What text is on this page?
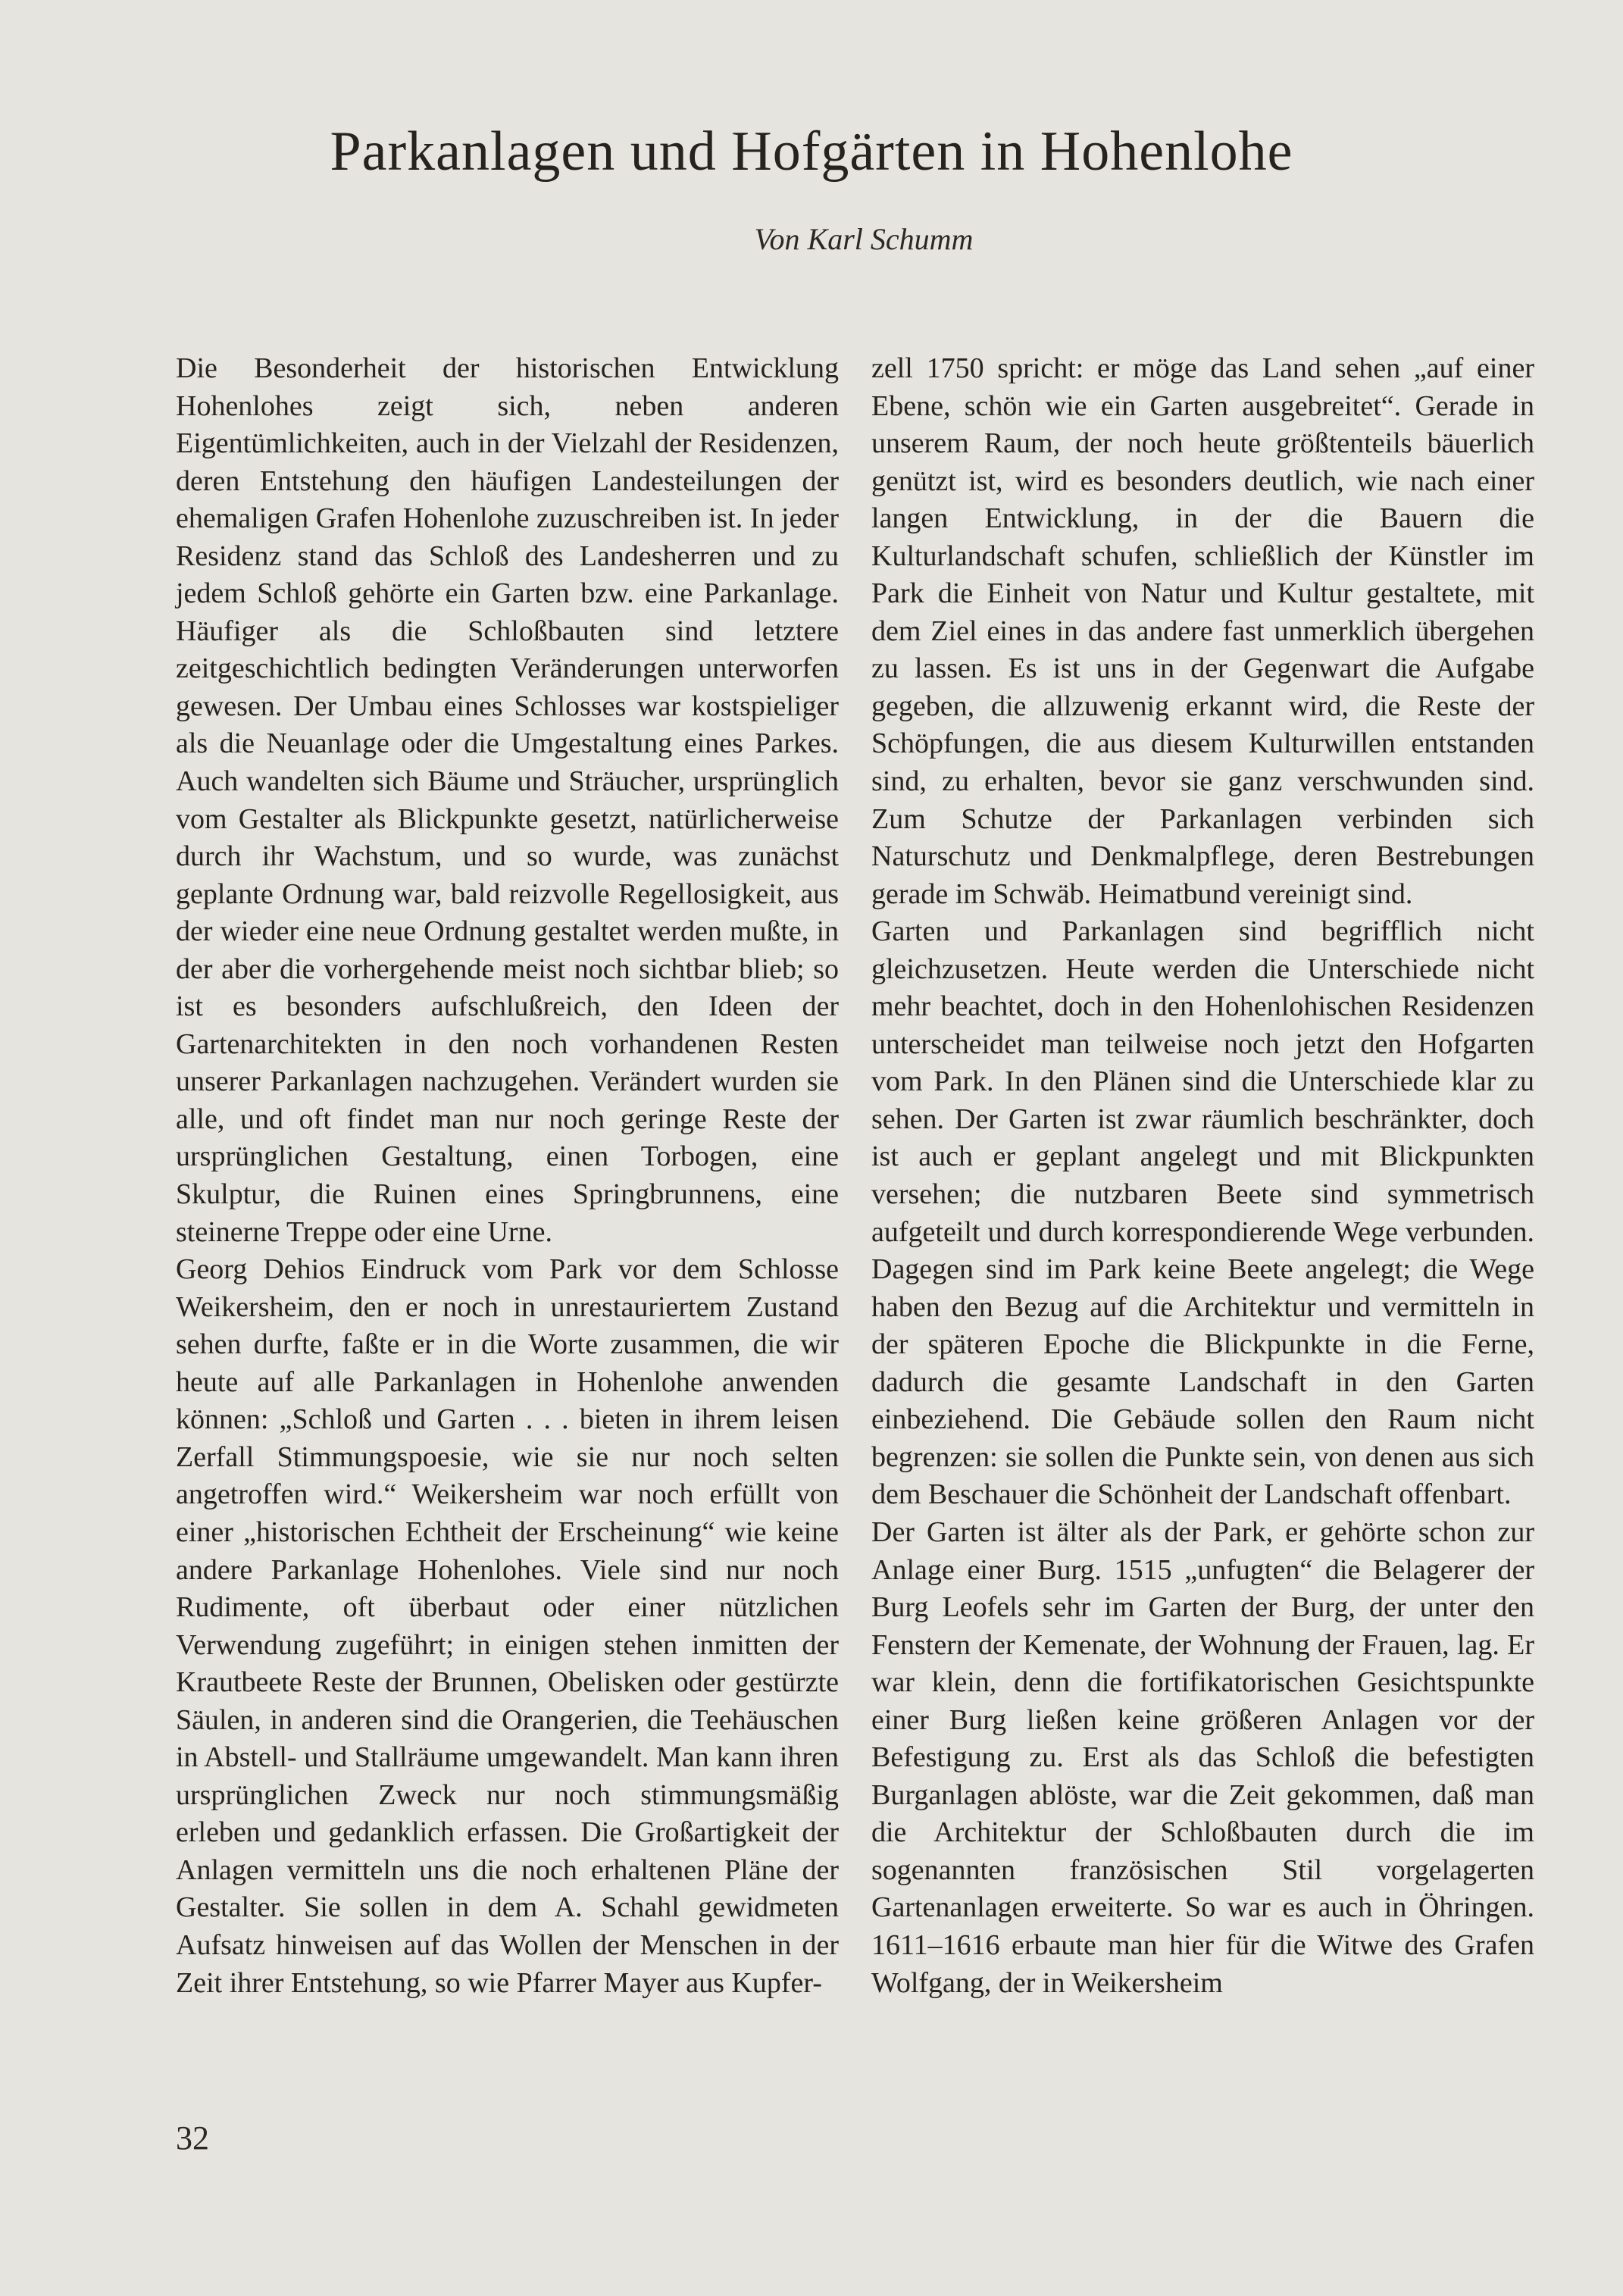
Parkanlagen und Hofgärten in Hohenlohe
Von Karl Schumm

Die Besonderheit der historischen Entwicklung Hohenlohes zeigt sich, neben anderen Eigentümlichkeiten, auch in der Vielzahl der Residenzen, deren Entstehung den häufigen Landesteilungen der ehemaligen Grafen Hohenlohe zuzuschreiben ist. In jeder Residenz stand das Schloß des Landesherren und zu jedem Schloß gehörte ein Garten bzw. eine Parkanlage. Häufiger als die Schloßbauten sind letztere zeitgeschichtlich bedingten Veränderungen unterworfen gewesen. Der Umbau eines Schlosses war kostspieliger als die Neuanlage oder die Umgestaltung eines Parkes. Auch wandelten sich Bäume und Sträucher, ursprünglich vom Gestalter als Blickpunkte gesetzt, natürlicherweise durch ihr Wachstum, und so wurde, was zunächst geplante Ordnung war, bald reizvolle Regellosigkeit, aus der wieder eine neue Ordnung gestaltet werden mußte, in der aber die vorhergehende meist noch sichtbar blieb; so ist es besonders aufschlußreich, den Ideen der Gartenarchitekten in den noch vorhandenen Resten unserer Parkanlagen nachzugehen. Verändert wurden sie alle, und oft findet man nur noch geringe Reste der ursprünglichen Gestaltung, einen Torbogen, eine Skulptur, die Ruinen eines Springbrunnens, eine steinerne Treppe oder eine Urne.

Georg Dehios Eindruck vom Park vor dem Schlosse Weikersheim, den er noch in unrestauriertem Zustand sehen durfte, faßte er in die Worte zusammen, die wir heute auf alle Parkanlagen in Hohenlohe anwenden können: „Schloß und Garten . . . bieten in ihrem leisen Zerfall Stimmungspoesie, wie sie nur noch selten angetroffen wird.“ Weikersheim war noch erfüllt von einer „historischen Echtheit der Erscheinung“ wie keine andere Parkanlage Hohenlohes. Viele sind nur noch Rudimente, oft überbaut oder einer nützlichen Verwendung zugeführt; in einigen stehen inmitten der Krautbeete Reste der Brunnen, Obelisken oder gestürzte Säulen, in anderen sind die Orangerien, die Teehäuschen in Abstell- und Stallräume umgewandelt. Man kann ihren ursprünglichen Zweck nur noch stimmungsmäßig erleben und gedanklich erfassen. Die Großartigkeit der Anlagen vermitteln uns die noch erhaltenen Pläne der Gestalter. Sie sollen in dem A. Schahl gewidmeten Aufsatz hinweisen auf das Wollen der Menschen in der Zeit ihrer Entstehung, so wie Pfarrer Mayer aus Kupfer-

zell 1750 spricht: er möge das Land sehen „auf einer Ebene, schön wie ein Garten ausgebreitet“. Gerade in unserem Raum, der noch heute größtenteils bäuerlich genützt ist, wird es besonders deutlich, wie nach einer langen Entwicklung, in der die Bauern die Kulturlandschaft schufen, schließlich der Künstler im Park die Einheit von Natur und Kultur gestaltete, mit dem Ziel eines in das andere fast unmerklich übergehen zu lassen. Es ist uns in der Gegenwart die Aufgabe gegeben, die allzuwenig erkannt wird, die Reste der Schöpfungen, die aus diesem Kulturwillen entstanden sind, zu erhalten, bevor sie ganz verschwunden sind. Zum Schutze der Parkanlagen verbinden sich Naturschutz und Denkmalpflege, deren Bestrebungen gerade im Schwäb. Heimatbund vereinigt sind.

Garten und Parkanlagen sind begrifflich nicht gleichzusetzen. Heute werden die Unterschiede nicht mehr beachtet, doch in den Hohenlohischen Residenzen unterscheidet man teilweise noch jetzt den Hofgarten vom Park. In den Plänen sind die Unterschiede klar zu sehen. Der Garten ist zwar räumlich beschränkter, doch ist auch er geplant angelegt und mit Blickpunkten versehen; die nutzbaren Beete sind symmetrisch aufgeteilt und durch korrespondierende Wege verbunden. Dagegen sind im Park keine Beete angelegt; die Wege haben den Bezug auf die Architektur und vermitteln in der späteren Epoche die Blickpunkte in die Ferne, dadurch die gesamte Landschaft in den Garten einbeziehend. Die Gebäude sollen den Raum nicht begrenzen: sie sollen die Punkte sein, von denen aus sich dem Beschauer die Schönheit der Landschaft offenbart.

Der Garten ist älter als der Park, er gehörte schon zur Anlage einer Burg. 1515 „unfugten“ die Belagerer der Burg Leofels sehr im Garten der Burg, der unter den Fenstern der Kemenate, der Wohnung der Frauen, lag. Er war klein, denn die fortifikatorischen Gesichtspunkte einer Burg ließen keine größeren Anlagen vor der Befestigung zu. Erst als das Schloß die befestigten Burganlagen ablöste, war die Zeit gekommen, daß man die Architektur der Schloßbauten durch die im sogenannten französischen Stil vorgelagerten Gartenanlagen erweiterte. So war es auch in Öhringen. 1611–1616 erbaute man hier für die Witwe des Grafen Wolfgang, der in Weikersheim

32
